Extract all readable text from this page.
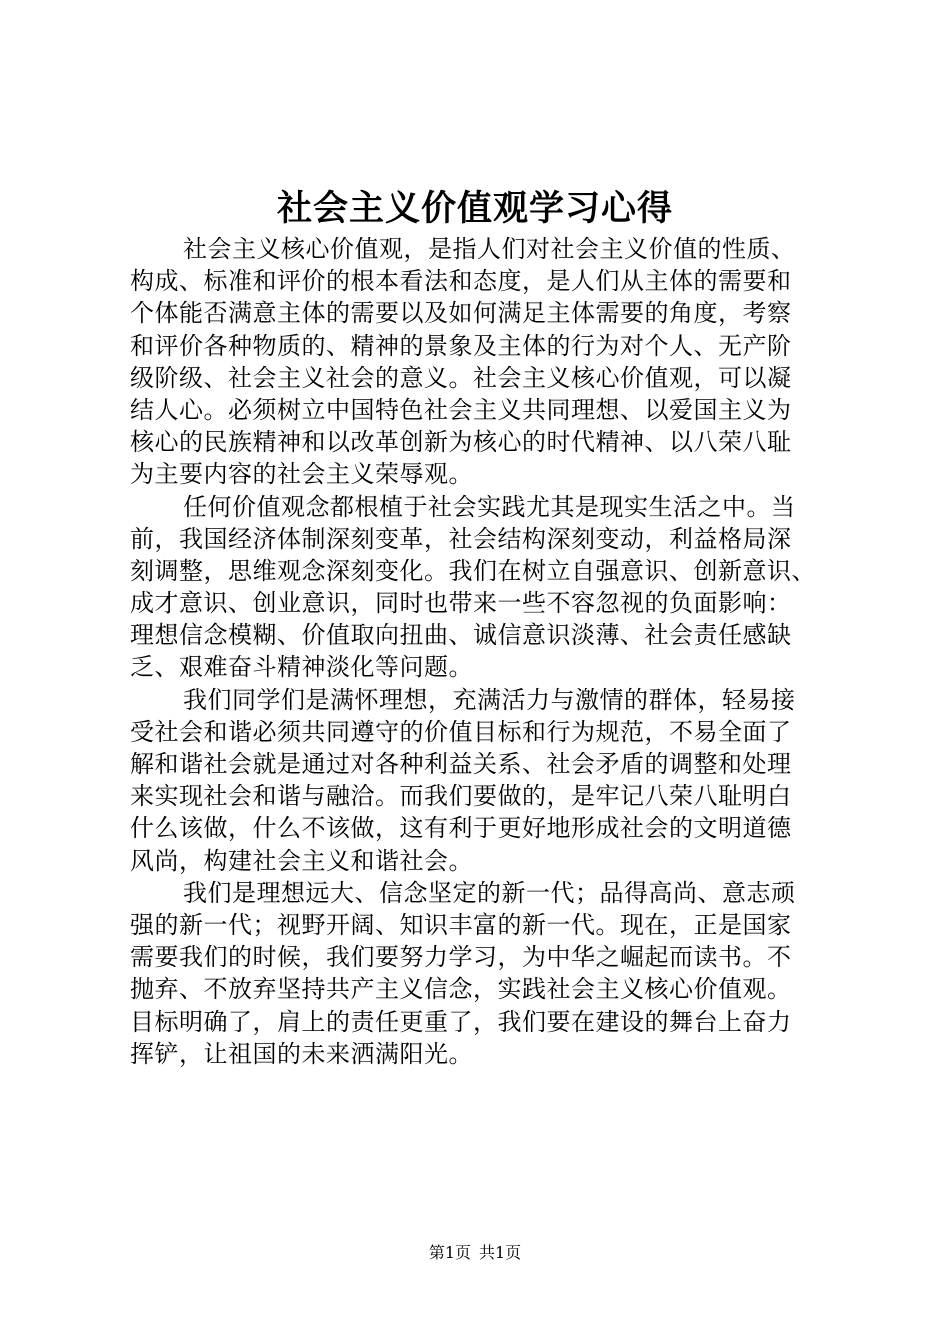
社会主义价值观学习心得
社会主义核心价值观，是指人们对社会主义价值的性质、
构成、标准和评价的根本看法和态度，是人们从主体的需要和
个体能否满意主体的需要以及如何满足主体需要的角度，考察
和评价各种物质的、精神的景象及主体的行为对个人、无产阶
级阶级、社会主义社会的意义。社会主义核心价值观，可以凝
结人心。必须树立中国特色社会主义共同理想、以爱国主义为
核心的民族精神和以改革创新为核心的时代精神、以八荣八耻
为主要内容的社会主义荣辱观。
任何价值观念都根植于社会实践尤其是现实生活之中。当
前，我国经济体制深刻变革，社会结构深刻变动，利益格局深
刻调整，思维观念深刻变化。我们在树立自强意识、创新意识、
成才意识、创业意识，同时也带来一些不容忽视的负面影响：
理想信念模糊、价值取向扭曲、诚信意识淡薄、社会责任感缺
乏、艰难奋斗精神淡化等问题。
我们同学们是满怀理想，充满活力与激情的群体，轻易接
受社会和谐必须共同遵守的价值目标和行为规范，不易全面了
解和谐社会就是通过对各种利益关系、社会矛盾的调整和处理
来实现社会和谐与融洽。而我们要做的，是牢记八荣八耻明白
什么该做，什么不该做，这有利于更好地形成社会的文明道德
风尚，构建社会主义和谐社会。
我们是理想远大、信念坚定的新一代；品得高尚、意志顽
强的新一代；视野开阔、知识丰富的新一代。现在，正是国家
需要我们的时候，我们要努力学习，为中华之崛起而读书。不
抛弃、不放弃坚持共产主义信念，实践社会主义核心价值观。
目标明确了，肩上的责任更重了，我们要在建设的舞台上奋力
挥铲，让祖国的未来洒满阳光。
第1页 共1页
